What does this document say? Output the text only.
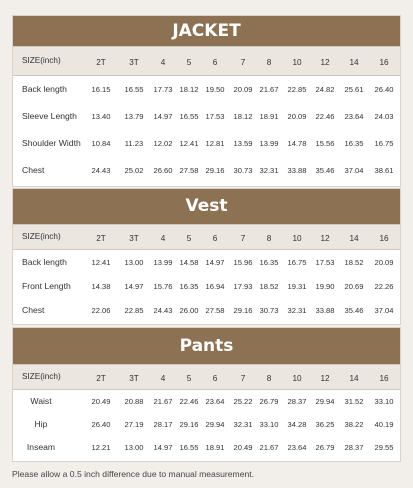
JACKET
SIZE(inch)	2T	3T	4	5	6	7	8	10 12 14	16
Back length	16.15 16.55 17.73 18.12 19.50 20.09 21.67 22.85 24.82 25.61 26.40
Sleeve Length 13.40 13.79 14.97 16.55 17.53 18.12 18.91 20.09 22.46 23.64 24.03
Shoulder Width 10.84 11.23 12.02 12.41 12.81 13.59 13.99 14.78 15.56 16.35 16.75
Chest	24.43 25.02 26.60 27.58 29.16 30.73 32.31 33.88 35.46 37.04 38.61
Vest
SIZE(inch)	2T	3T	4	5	6	7	8	10 12 14	16
Back length	12.41 13.00 13.99 14.58 14.97 15.96 16.35 16.75 17.53 18.52 20.09
Front Length	14.38 14.97 15.76 16.35 16.94 17.93 18.52 19.31 19.90 20.69 22.26
Chest	22.06 22.85 24.43 26.00 27.58 29.16 30.73 32.31 33.88 35.46 37.04
Pants
SIZE(inch)	2T	3T	4	5	6	7	8	10 12 14	16
Waist	20.49 20.88 21.67 22.46 23.64 25.22 26.79 28.37 29.94 31.52 33.10
Hip	26.40 27.19 28.17 29.16 29.94 32.31 33.10 34.28 36.25 38.22 40.19
Inseam	12.21 13.00 14.97 16.55 18.91 20.49 21.67 23.64 26.79 28.37 29.55
Please allow a 0.5 inch difference due to manual measurement.
